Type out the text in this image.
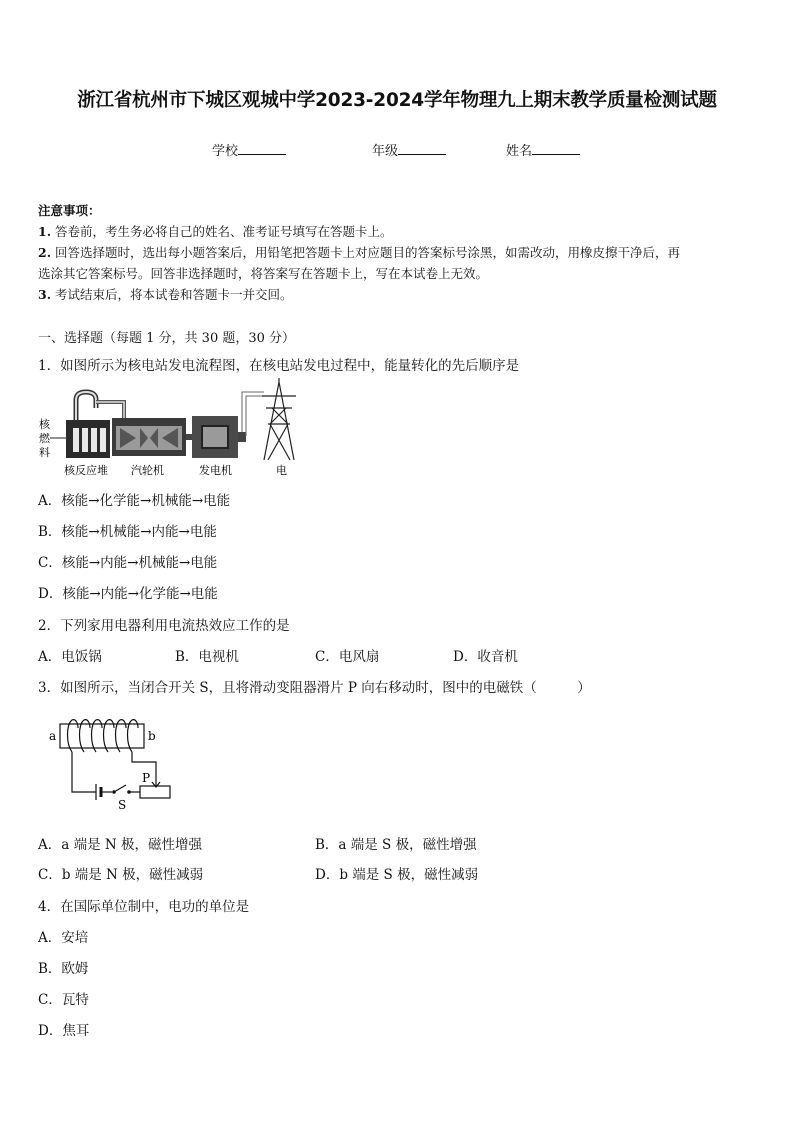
浙江省杭州市下城区观城中学2023-2024学年物理九上期末教学质量检测试题
学校	年级	姓名
注意事项：
1. 答卷前，考生务必将自己的姓名、准考证号填写在答题卡上。
2. 回答选择题时，选出每小题答案后，用铅笔把答题卡上对应题目的答案标号涂黑，如需改动，用橡皮擦干净后，再
选涂其它答案标号。回答非选择题时，将答案写在答题卡上，写在本试卷上无效。
3. 考试结束后，将本试卷和答题卡一并交回。
一、选择题（每题 1 分，共 30 题，30 分）
1．如图所示为核电站发电流程图，在核电站发电过程中，能量转化的先后顺序是
核
燃
料
核反应堆 汽轮机	发电机	电
A．核能→化学能→机械能→电能
B．核能→机械能→内能→电能
C．核能→内能→机械能→电能
D．核能→内能→化学能→电能
2．下列家用电器利用电流热效应工作的是
A．电饭锅	B．电视机	C．电风扇	D．收音机
3．如图所示，当闭合开关 S，且将滑动变阻器滑片 P 向右移动时，图中的电磁铁（　　　）
a	b
S
P
A．a 端是 N 极，磁性增强	B．a 端是 S 极，磁性增强
C．b 端是 N 极，磁性减弱	D．b 端是 S 极，磁性减弱
4．在国际单位制中，电功的单位是
A．安培
B．欧姆
C．瓦特
D．焦耳
